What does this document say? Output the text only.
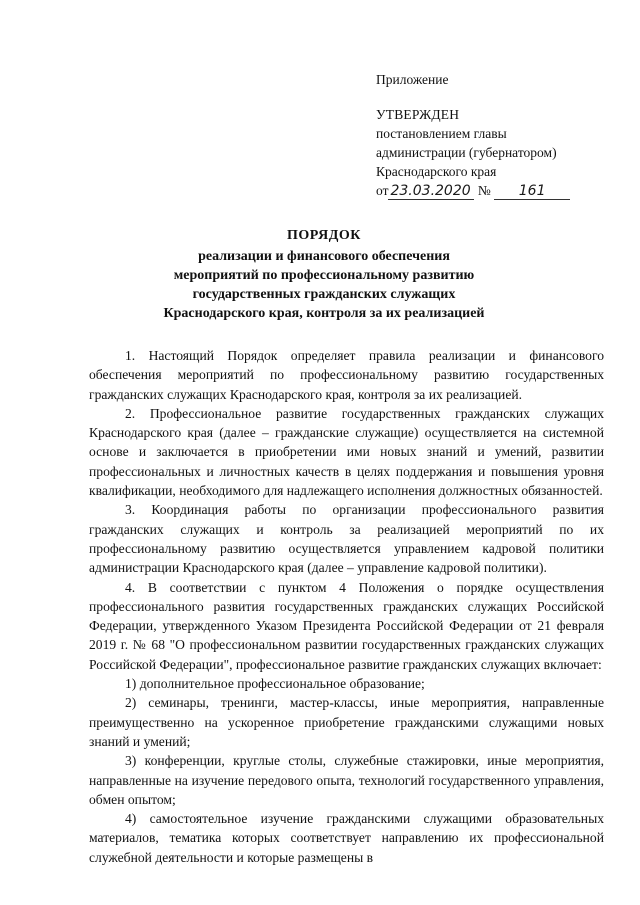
Приложение
УТВЕРЖДЕН
постановлением главы
администрации (губернатором)
Краснодарского края
от 23.03.2020 № 161
ПОРЯДОК
реализации и финансового обеспечения
мероприятий по профессиональному развитию
государственных гражданских служащих
Краснодарского края, контроля за их реализацией

1. Настоящий Порядок определяет правила реализации и финансового обеспечения мероприятий по профессиональному развитию государственных гражданских служащих Краснодарского края, контроля за их реализацией.

2. Профессиональное развитие государственных гражданских служащих Краснодарского края (далее – гражданские служащие) осуществляется на системной основе и заключается в приобретении ими новых знаний и умений, развитии профессиональных и личностных качеств в целях поддержания и повышения уровня квалификации, необходимого для надлежащего исполнения должностных обязанностей.

3. Координация работы по организации профессионального развития гражданских служащих и контроль за реализацией мероприятий по их профессиональному развитию осуществляется управлением кадровой политики администрации Краснодарского края (далее – управление кадровой политики).

4. В соответствии с пунктом 4 Положения о порядке осуществления профессионального развития государственных гражданских служащих Российской Федерации, утвержденного Указом Президента Российской Федерации от 21 февраля 2019 г. № 68 "О профессиональном развитии государственных гражданских служащих Российской Федерации", профессиональное развитие гражданских служащих включает:

1) дополнительное профессиональное образование;

2) семинары, тренинги, мастер-классы, иные мероприятия, направленные преимущественно на ускоренное приобретение гражданскими служащими новых знаний и умений;

3) конференции, круглые столы, служебные стажировки, иные мероприятия, направленные на изучение передового опыта, технологий государственного управления, обмен опытом;

4) самостоятельное изучение гражданскими служащими образовательных материалов, тематика которых соответствует направлению их профессиональной служебной деятельности и которые размещены в
